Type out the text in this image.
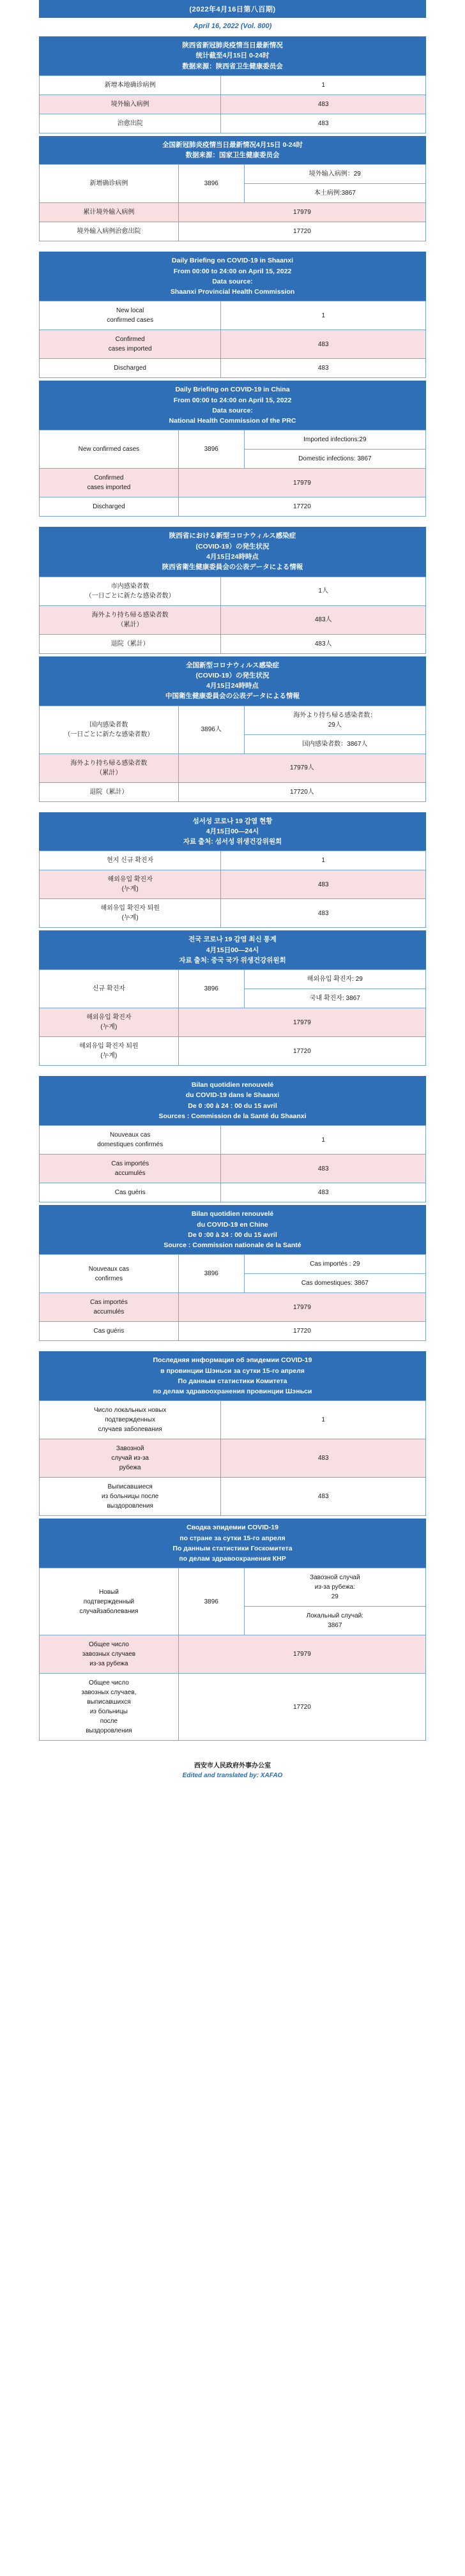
(2022年4月16日第八百期)
April 16, 2022 (Vol. 800)
陕西省新冠肺炎疫情当日最新情况
统计截至4月15日 0-24时
数据来源：陕西省卫生健康委员会
新增本地确诊病例	1
境外输入病例	483
治愈出院	483
全国新冠肺炎疫情当日最新情况4月15日 0-24时
数据来源：国家卫生健康委员会
新增确诊病例	3896	境外输入病例：29
		本土病例:3867
累计境外输入病例	17979	
境外输入病例治愈出院	17720	
Daily Briefing on COVID-19 in Shaanxi
From 00:00 to 24:00 on April 15, 2022
Data source:
Shaanxi Provincial Health Commission
New local
confirmed cases	1
Confirmed
cases imported	483
Discharged	483
Daily Briefing on COVID-19 in China
From 00:00 to 24:00 on April 15, 2022
Data source:
National Health Commission of the PRC
New confirmed cases	3896	Imported infections:29
		Domestic infections: 3867
Confirmed
cases imported	17979	
Discharged	17720	
陝西省における新型コロナウィルス感染症
(COVID-19）の発生状況
4月15日24時時点
陝西省衛生健康委員会の公表データによる情報
市内感染者数
（一日ごとに新たな感染者数）	1人
海外より持ち帰る感染者数
（累計）	483人
退院（累計）	483人
全国新型コロナウィルス感染症
(COVID-19）の発生状況
4月15日24時時点
中国衛生健康委員会の公表データによる情報
国内感染者数
（一日ごとに新たな感染者数）	3896人	海外より持ち帰る感染者数：
29人
		国内感染者数：3867人
海外より持ち帰る感染者数
（累計）	17979人	
退院（累計）	17720人	
섬서성 코로나 19 감염 현황
4月15日00—24시
자료 출처: 섬서성 위생건강위원회
현지 신규 확진자	1
해외유입 확진자
(누계)	483
해외유입 확진자 퇴원
(누계)	483
전국 코로나 19 감염 최신 통계
4月15日00—24시
자료 출처: 중국 국가 위생건강위원회
신규 확진자	3896	해외유입 확진자: 29
		국내 확진자: 3867
해외유입 확진자
(누계)	17979	
해외유입 확진자 퇴원
(누계)	17720	
Bilan quotidien renouvelé
du COVID-19 dans le Shaanxi
De 0 :00 à 24 : 00 du 15 avril
Sources : Commission de la Santé du Shaanxi
Nouveaux cas
domestiques confirmés	1
Cas importés
accumulés	483
Cas guéris	483
Bilan quotidien renouvelé
du COVID-19 en Chine
De 0 :00 à 24 : 00 du 15 avril
Source : Commission nationale de la Santé
Nouveaux cas
confirmes	3896	Cas importés : 29
		Cas domestiques: 3867
Cas importés
accumulés	17979	
Cas guéris	17720	
Последняя информация об эпидемии COVID-19
в провинции Шэньси за сутки 15-го апреля
По данным статистики Комитета
по делам здравоохранения провинции Шэньси
Число локальных новых
подтвержденных
случаев заболевания	1
Завозной
случай из-за
рубежа	483
Выписавшиеся
из больницы после
выздоровления	483
Сводка эпидемии COVID-19
по стране за сутки 15-го апреля
По данным статистики Госкомитета
по делам здравоохранения КНР
Новый
подтвержденный
случайзаболевания	3896	Завозной случай
из-за рубежа:
29
		Локальный случай:
3867
Общее число
завозных случаев
из-за рубежа	17979	
Общее число
завозных случаев,
выписавшихся
из больницы
после
выздоровления	17720
西安市人民政府外事办公室
Edited and translated by: XAFAO
